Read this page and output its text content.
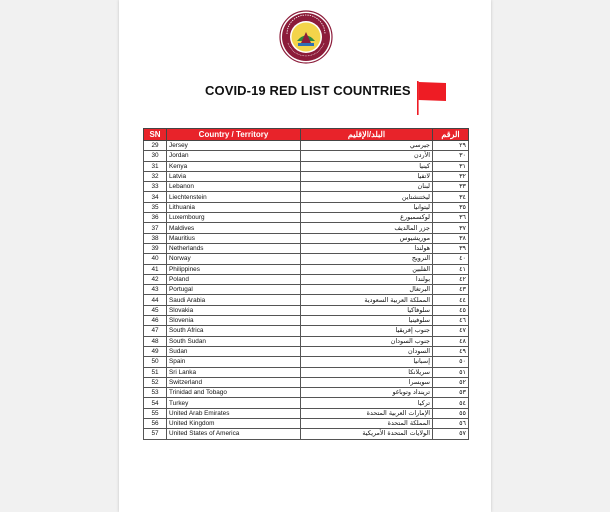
COVID-19 RED LIST COUNTRIES
SN	Country / Territory	البلد/الإقليم	الرقم
29	Jersey	جيرسي	٢٩
30	Jordan	الأردن	٣٠
31	Kenya	كينيا	٣١
32	Latvia	لاتفيا	٣٢
33	Lebanon	لبنان	٣٣
34	Liechtenstein	ليختنشتاين	٣٤
35	Lithuania	ليتوانيا	٣٥
36	Luxembourg	لوكسمبورغ	٣٦
37	Maldives	جزر المالديف	٣٧
38	Mauritius	موريشيوس	٣٨
39	Netherlands	هولندا	٣٩
40	Norway	النرويج	٤٠
41	Philippines	الفلبين	٤١
42	Poland	بولندا	٤٢
43	Portugal	البرتغال	٤٣
44	Saudi Arabia	المملكة العربية السعودية	٤٤
45	Slovakia	سلوفاكيا	٤٥
46	Slovenia	سلوفينيا	٤٦
47	South Africa	جنوب إفريقيا	٤٧
48	South Sudan	جنوب السودان	٤٨
49	Sudan	السودان	٤٩
50	Spain	إسبانيا	٥٠
51	Sri Lanka	سريلانكا	٥١
52	Switzerland	سويسرا	٥٢
53	Trinidad and Tobago	ترينداد وتوباغو	٥٣
54	Turkey	تركيا	٥٤
55	United Arab Emirates	الإمارات العربية المتحدة	٥٥
56	United Kingdom	المملكة المتحدة	٥٦
57	United States of America	الولايات المتحدة الأمريكية	٥٧
